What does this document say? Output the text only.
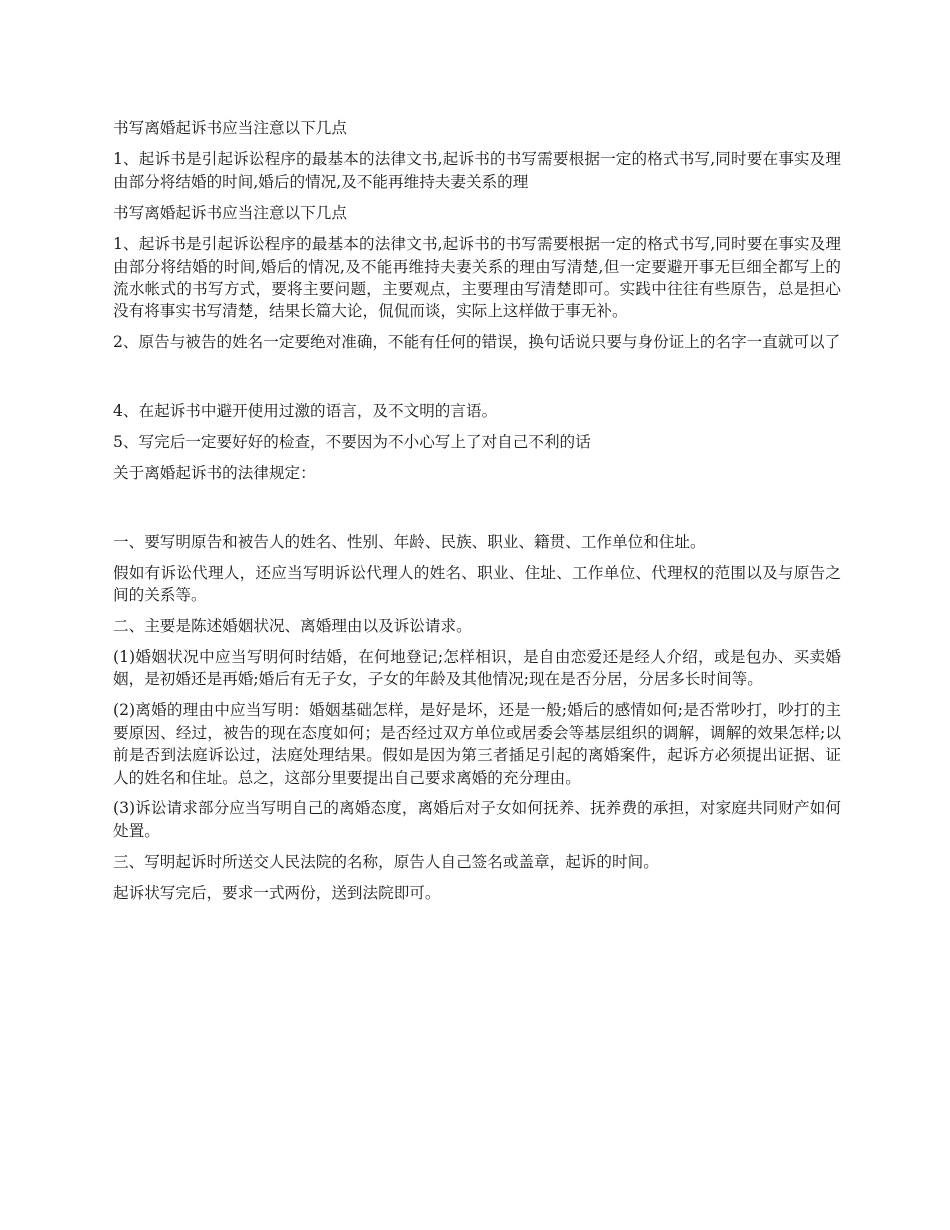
书写离婚起诉书应当注意以下几点

1、起诉书是引起诉讼程序的最基本的法律文书,起诉书的书写需要根据一定的格式书写,同时要在事实及理由部分将结婚的时间,婚后的情况,及不能再维持夫妻关系的理

书写离婚起诉书应当注意以下几点

1、起诉书是引起诉讼程序的最基本的法律文书,起诉书的书写需要根据一定的格式书写,同时要在事实及理由部分将结婚的时间,婚后的情况,及不能再维持夫妻关系的理由写清楚,但一定要避开事无巨细全都写上的流水帐式的书写方式，要将主要问题，主要观点，主要理由写清楚即可。实践中往往有些原告，总是担心没有将事实书写清楚，结果长篇大论，侃侃而谈，实际上这样做于事无补。

2、原告与被告的姓名一定要绝对准确，不能有任何的错误，换句话说只要与身份证上的名字一直就可以了

4、在起诉书中避开使用过激的语言，及不文明的言语。

5、写完后一定要好好的检查，不要因为不小心写上了对自己不利的话

关于离婚起诉书的法律规定：

一、要写明原告和被告人的姓名、性别、年龄、民族、职业、籍贯、工作单位和住址。

假如有诉讼代理人，还应当写明诉讼代理人的姓名、职业、住址、工作单位、代理权的范围以及与原告之间的关系等。

二、主要是陈述婚姻状况、离婚理由以及诉讼请求。

(1)婚姻状况中应当写明何时结婚，在何地登记;怎样相识，是自由恋爱还是经人介绍，或是包办、买卖婚姻，是初婚还是再婚;婚后有无子女，子女的年龄及其他情况;现在是否分居，分居多长时间等。

(2)离婚的理由中应当写明：婚姻基础怎样，是好是坏，还是一般;婚后的感情如何;是否常吵打，吵打的主要原因、经过，被告的现在态度如何；是否经过双方单位或居委会等基层组织的调解，调解的效果怎样;以前是否到法庭诉讼过，法庭处理结果。假如是因为第三者插足引起的离婚案件，起诉方必须提出证据、证人的姓名和住址。总之，这部分里要提出自己要求离婚的充分理由。

(3)诉讼请求部分应当写明自己的离婚态度，离婚后对子女如何抚养、抚养费的承担，对家庭共同财产如何处置。

三、写明起诉时所送交人民法院的名称，原告人自己签名或盖章，起诉的时间。

起诉状写完后，要求一式两份，送到法院即可。
